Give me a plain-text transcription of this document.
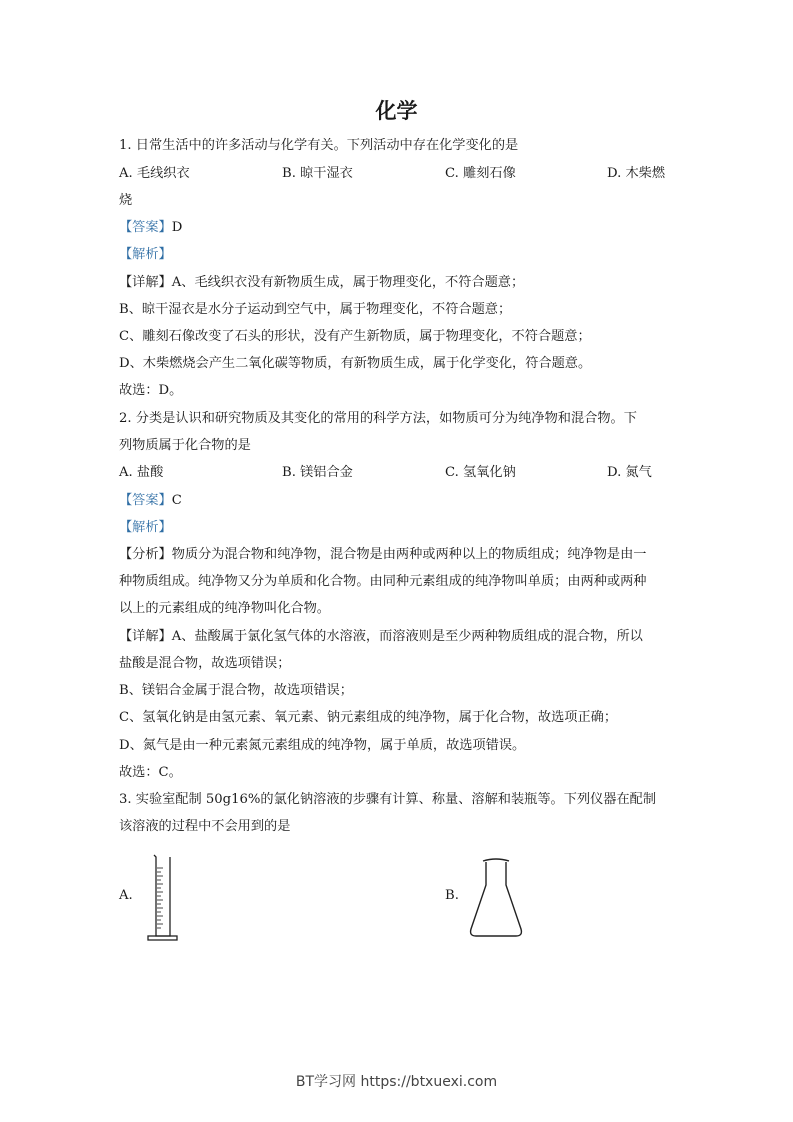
化学
1. 日常生活中的许多活动与化学有关。下列活动中存在化学变化的是
A. 毛线织衣	B. 晾干湿衣	C. 雕刻石像	D. 木柴燃
烧
【答案】D
【解析】
【详解】A、毛线织衣没有新物质生成，属于物理变化，不符合题意；
B、晾干湿衣是水分子运动到空气中，属于物理变化，不符合题意；
C、雕刻石像改变了石头的形状，没有产生新物质，属于物理变化，不符合题意；
D、木柴燃烧会产生二氧化碳等物质，有新物质生成，属于化学变化，符合题意。
故选：D。
2. 分类是认识和研究物质及其变化的常用的科学方法，如物质可分为纯净物和混合物。下
列物质属于化合物的是
A. 盐酸	B. 镁铝合金	C. 氢氧化钠	D. 氮气
【答案】C
【解析】
【分析】物质分为混合物和纯净物，混合物是由两种或两种以上的物质组成；纯净物是由一
种物质组成。纯净物又分为单质和化合物。由同种元素组成的纯净物叫单质；由两种或两种
以上的元素组成的纯净物叫化合物。
【详解】A、盐酸属于氯化氢气体的水溶液，而溶液则是至少两种物质组成的混合物，所以
盐酸是混合物，故选项错误；
B、镁铝合金属于混合物，故选项错误；
C、氢氧化钠是由氢元素、氧元素、钠元素组成的纯净物，属于化合物，故选项正确；
D、氮气是由一种元素氮元素组成的纯净物，属于单质，故选项错误。
故选：C。
3. 实验室配制 50g16%的氯化钠溶液的步骤有计算、称量、溶解和装瓶等。下列仪器在配制
该溶液的过程中不会用到的是
A.	B.
BT学习网 https://btxuexi.com
